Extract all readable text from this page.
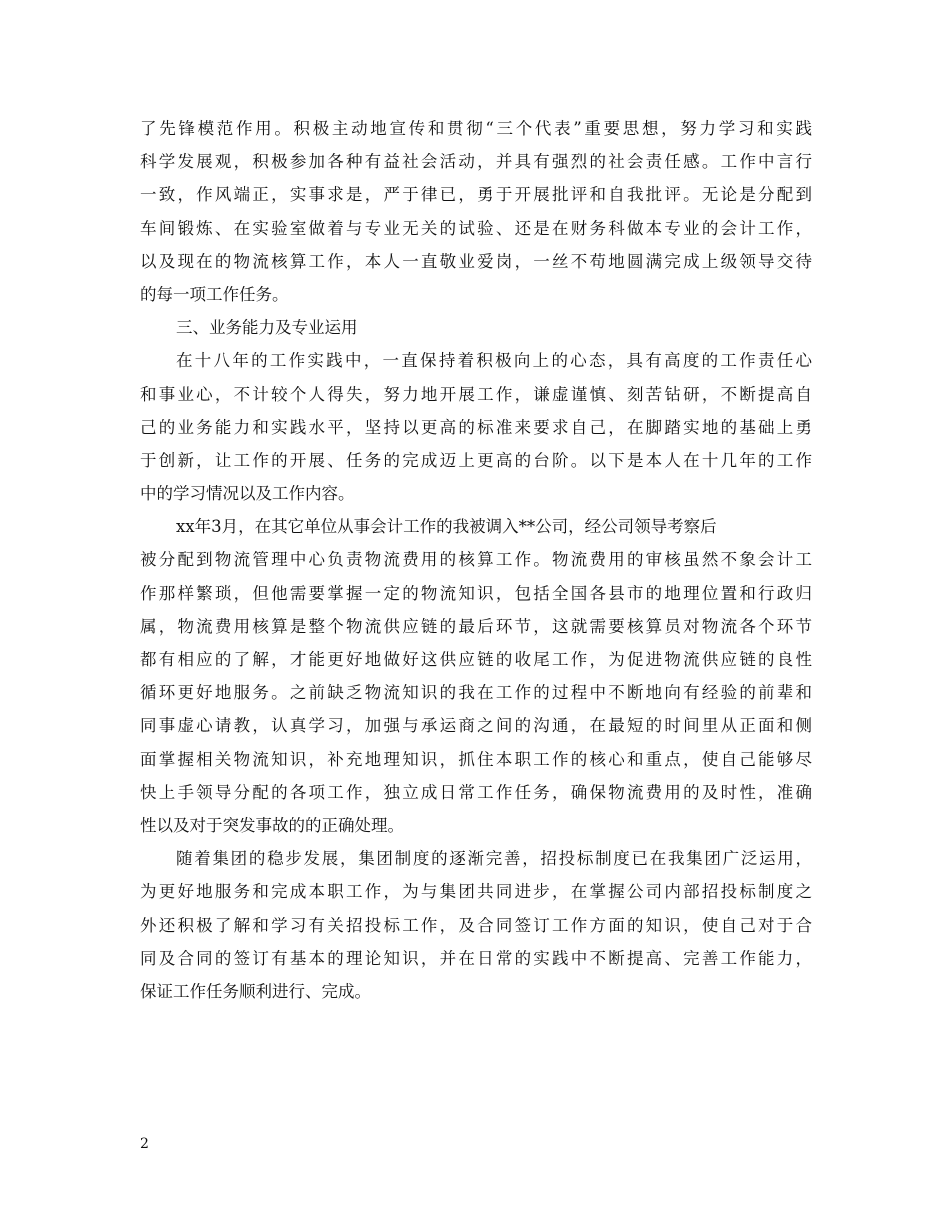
了先锋模范作用。积极主动地宣传和贯彻“三个代表”重要思想，努力学习和实践
科学发展观，积极参加各种有益社会活动，并具有强烈的社会责任感。工作中言行
一致，作风端正，实事求是，严于律已，勇于开展批评和自我批评。无论是分配到
车间锻炼、在实验室做着与专业无关的试验、还是在财务科做本专业的会计工作，
以及现在的物流核算工作，本人一直敬业爱岗，一丝不苟地圆满完成上级领导交待
的每一项工作任务。
三、业务能力及专业运用
在十八年的工作实践中，一直保持着积极向上的心态，具有高度的工作责任心
和事业心，不计较个人得失，努力地开展工作，谦虚谨慎、刻苦钻研，不断提高自
己的业务能力和实践水平，坚持以更高的标准来要求自己，在脚踏实地的基础上勇
于创新，让工作的开展、任务的完成迈上更高的台阶。以下是本人在十几年的工作
中的学习情况以及工作内容。
xx年3月，在其它单位从事会计工作的我被调入**公司，经公司领导考察后
被分配到物流管理中心负责物流费用的核算工作。物流费用的审核虽然不象会计工
作那样繁琐，但他需要掌握一定的物流知识，包括全国各县市的地理位置和行政归
属，物流费用核算是整个物流供应链的最后环节，这就需要核算员对物流各个环节
都有相应的了解，才能更好地做好这供应链的收尾工作，为促进物流供应链的良性
循环更好地服务。之前缺乏物流知识的我在工作的过程中不断地向有经验的前辈和
同事虚心请教，认真学习，加强与承运商之间的沟通，在最短的时间里从正面和侧
面掌握相关物流知识，补充地理知识，抓住本职工作的核心和重点，使自己能够尽
快上手领导分配的各项工作，独立成日常工作任务，确保物流费用的及时性，准确
性以及对于突发事故的的正确处理。
随着集团的稳步发展，集团制度的逐渐完善，招投标制度已在我集团广泛运用，
为更好地服务和完成本职工作，为与集团共同进步，在掌握公司内部招投标制度之
外还积极了解和学习有关招投标工作，及合同签订工作方面的知识，使自己对于合
同及合同的签订有基本的理论知识，并在日常的实践中不断提高、完善工作能力，
保证工作任务顺利进行、完成。
2
